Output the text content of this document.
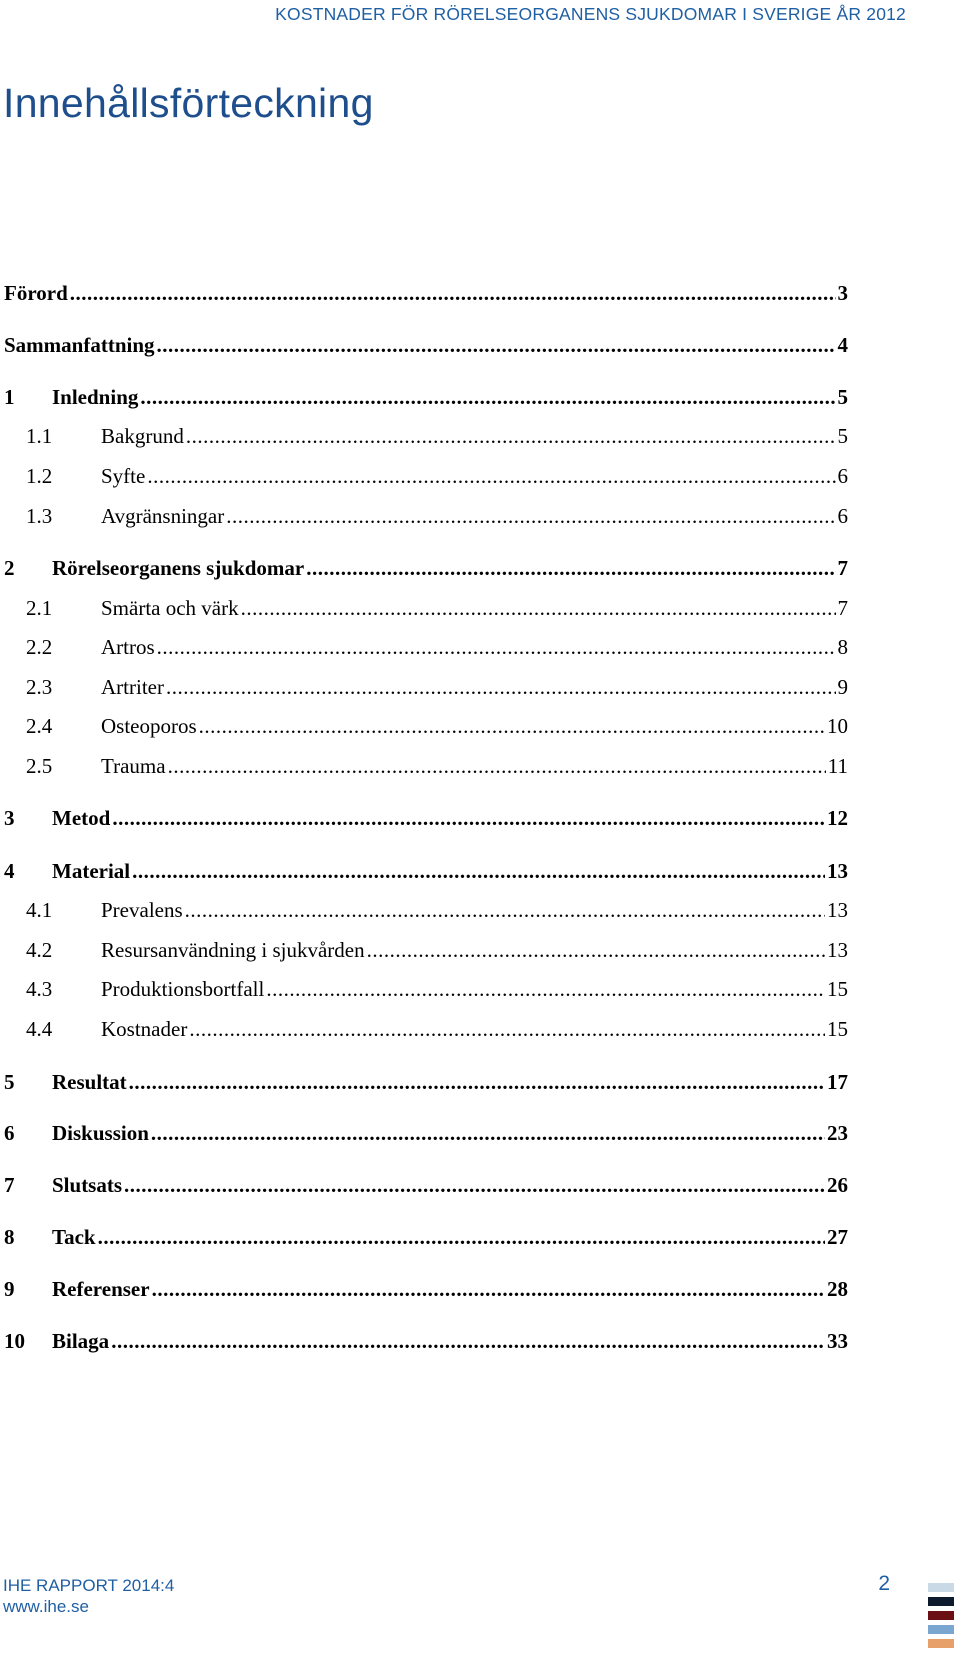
KOSTNADER FÖR RÖRELSEORGANENS SJUKDOMAR I SVERIGE ÅR 2012
Innehållsförteckning
Förord .....	3
Sammanfattning .....	4
1	Inledning .....	5
1.1	Bakgrund .....	5
1.2	Syfte .....	6
1.3	Avgränsningar .....	6
2	Rörelseorganens sjukdomar .....	7
2.1	Smärta och värk .....	7
2.2	Artros .....	8
2.3	Artriter .....	9
2.4	Osteoporos .....	10
2.5	Trauma .....	11
3	Metod .....	12
4	Material .....	13
4.1	Prevalens .....	13
4.2	Resursanvändning i sjukvården .....	13
4.3	Produktionsbortfall .....	15
4.4	Kostnader .....	15
5	Resultat .....	17
6	Diskussion .....	23
7	Slutsats .....	26
8	Tack .....	27
9	Referenser .....	28
10	Bilaga .....	33
IHE RAPPORT 2014:4
www.ihe.se
2
